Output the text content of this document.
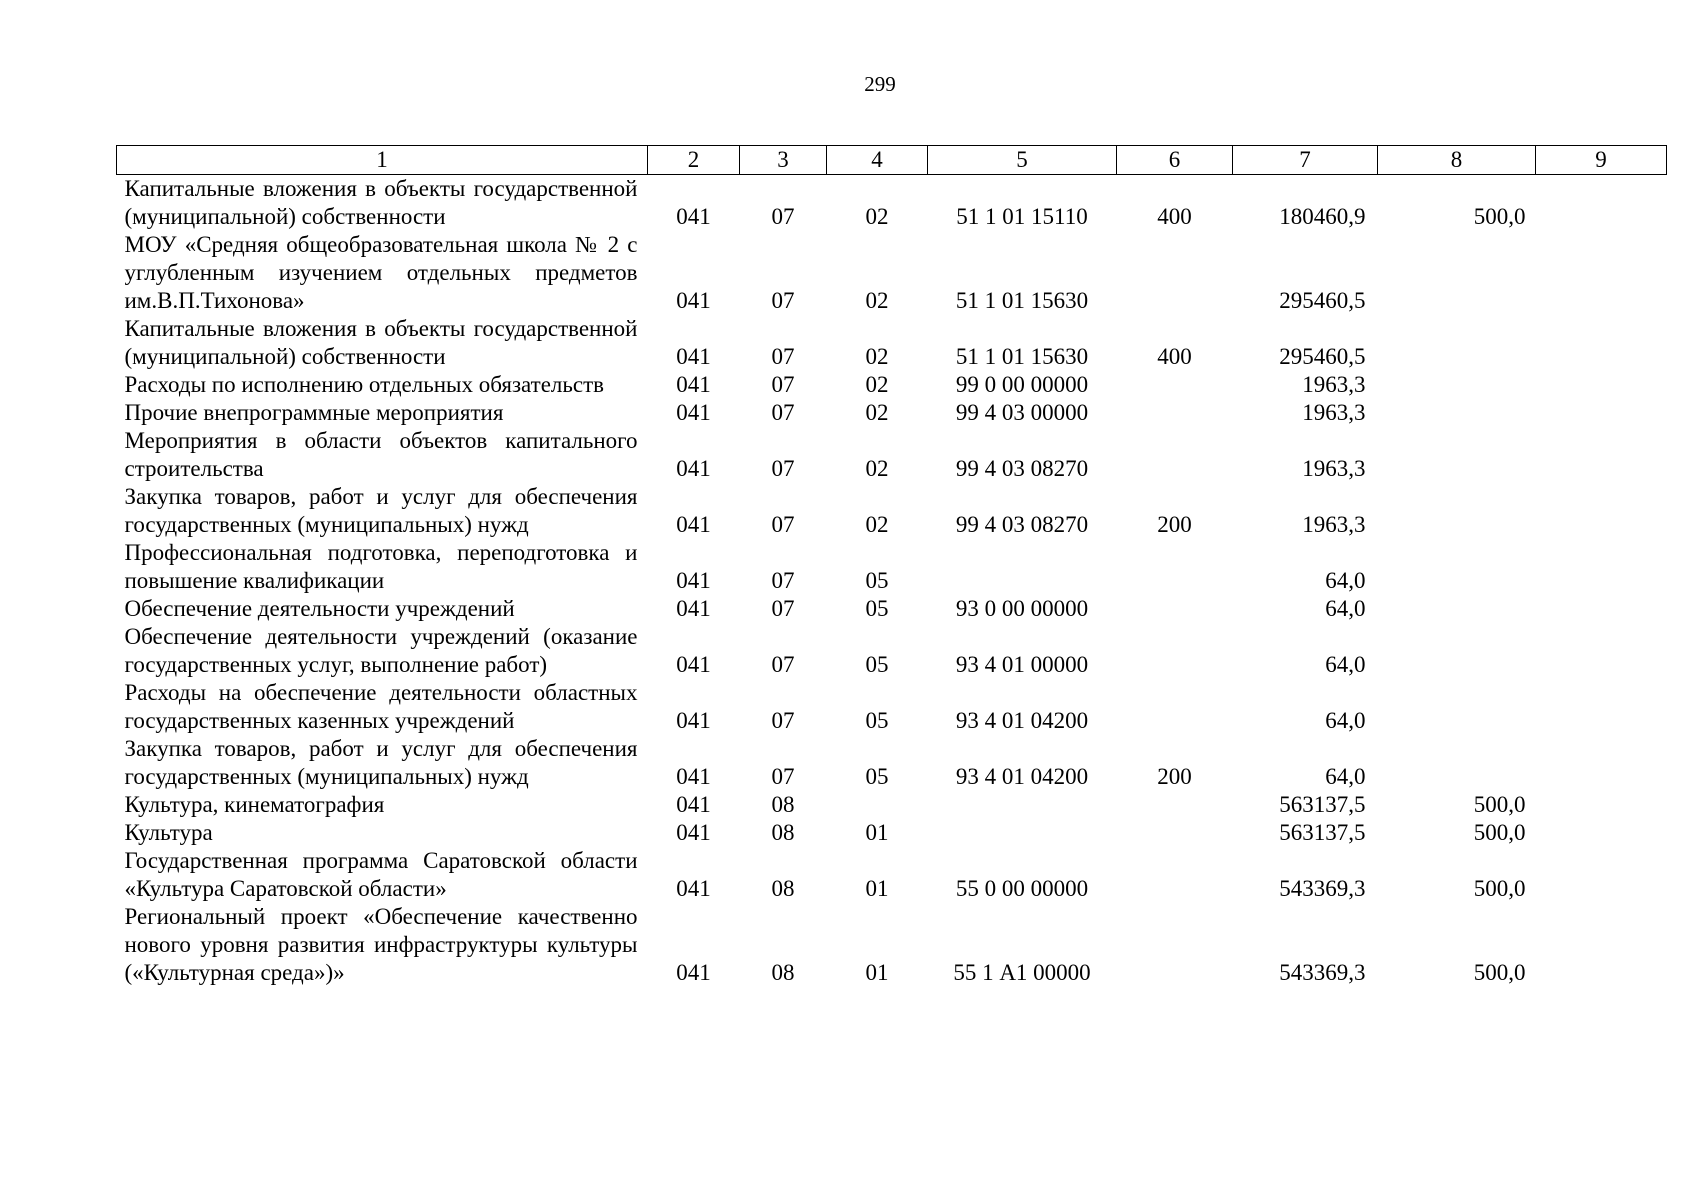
299
1	2	3	4	5	6	7	8	9
Капитальные вложения в объекты государственной (муниципальной) собственности	041	07	02	51 1 01 15110	400	180460,9	500,0	
МОУ «Средняя общеобразовательная школа № 2 с углубленным изучением отдельных предметов им.В.П.Тихонова»	041	07	02	51 1 01 15630		295460,5		
Капитальные вложения в объекты государственной (муниципальной) собственности	041	07	02	51 1 01 15630	400	295460,5		
Расходы по исполнению отдельных обязательств	041	07	02	99 0 00 00000		1963,3		
Прочие внепрограммные мероприятия	041	07	02	99 4 03 00000		1963,3		
Мероприятия в области объектов капитального строительства	041	07	02	99 4 03 08270		1963,3		
Закупка товаров, работ и услуг для обеспечения государственных (муниципальных) нужд	041	07	02	99 4 03 08270	200	1963,3		
Профессиональная подготовка, переподготовка и повышение квалификации	041	07	05			64,0		
Обеспечение деятельности учреждений	041	07	05	93 0 00 00000		64,0		
Обеспечение деятельности учреждений (оказание государственных услуг, выполнение работ)	041	07	05	93 4 01 00000		64,0		
Расходы на обеспечение деятельности областных государственных казенных учреждений	041	07	05	93 4 01 04200		64,0		
Закупка товаров, работ и услуг для обеспечения государственных (муниципальных) нужд	041	07	05	93 4 01 04200	200	64,0		
Культура, кинематография	041	08				563137,5	500,0	
Культура	041	08	01			563137,5	500,0	
Государственная программа Саратовской области «Культура Саратовской области»	041	08	01	55 0 00 00000		543369,3	500,0	
Региональный проект «Обеспечение качественно нового уровня развития инфраструктуры культуры («Культурная среда»)»	041	08	01	55 1 А1 00000		543369,3	500,0	
